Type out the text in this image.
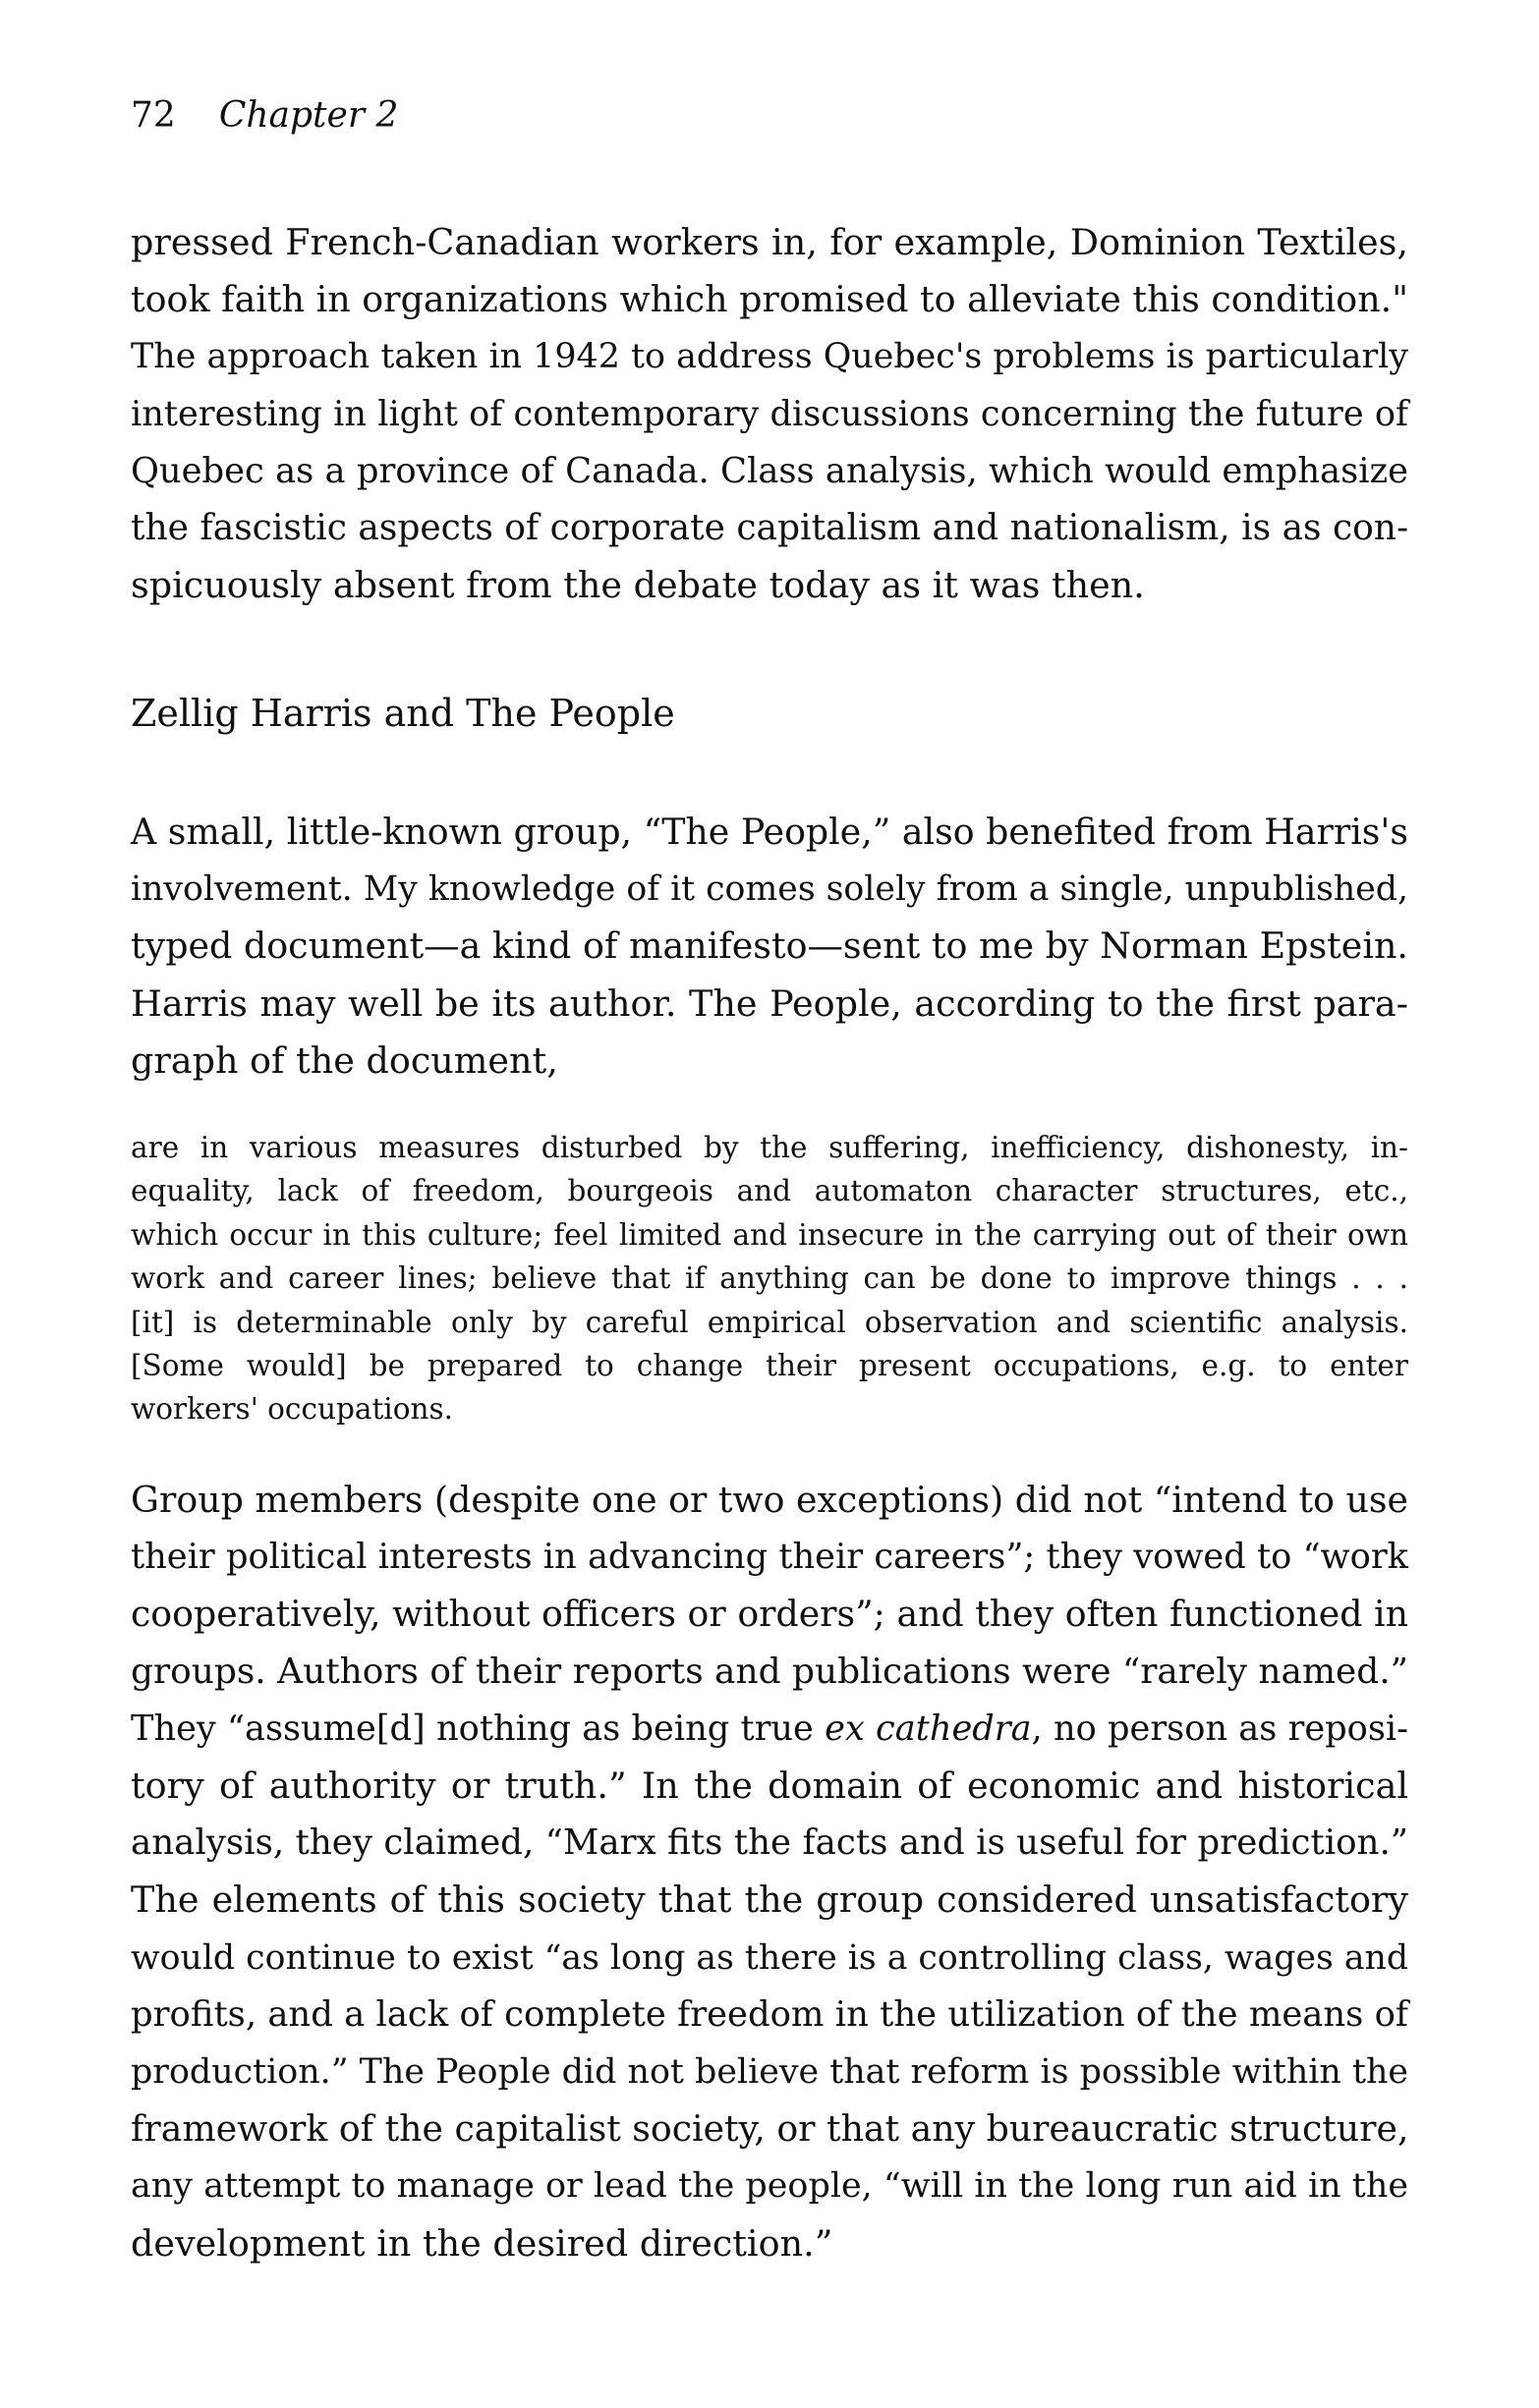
72 Chapter 2
pressed French-Canadian workers in, for example, Dominion Textiles,
took faith in organizations which promised to alleviate this condition."
The approach taken in 1942 to address Quebec's problems is particularly
interesting in light of contemporary discussions concerning the future of
Quebec as a province of Canada. Class analysis, which would emphasize
the fascistic aspects of corporate capitalism and nationalism, is as con-
spicuously absent from the debate today as it was then.
Zellig Harris and The People
A small, little-known group, “The People,” also benefited from Harris's
involvement. My knowledge of it comes solely from a single, unpublished,
typed document—a kind of manifesto—sent to me by Norman Epstein.
Harris may well be its author. The People, according to the first para-
graph of the document,
are in various measures disturbed by the suffering, inefficiency, dishonesty, in-
equality, lack of freedom, bourgeois and automaton character structures, etc.,
which occur in this culture; feel limited and insecure in the carrying out of their own
work and career lines; believe that if anything can be done to improve things . . .
[it] is determinable only by careful empirical observation and scientific analysis.
[Some would] be prepared to change their present occupations, e.g. to enter
workers' occupations.
Group members (despite one or two exceptions) did not “intend to use
their political interests in advancing their careers”; they vowed to “work
cooperatively, without officers or orders”; and they often functioned in
groups. Authors of their reports and publications were “rarely named.”
They “assume[d] nothing as being true ex cathedra, no person as reposi-
tory of authority or truth.” In the domain of economic and historical
analysis, they claimed, “Marx fits the facts and is useful for prediction.”
The elements of this society that the group considered unsatisfactory
would continue to exist “as long as there is a controlling class, wages and
profits, and a lack of complete freedom in the utilization of the means of
production.” The People did not believe that reform is possible within the
framework of the capitalist society, or that any bureaucratic structure,
any attempt to manage or lead the people, “will in the long run aid in the
development in the desired direction.”
